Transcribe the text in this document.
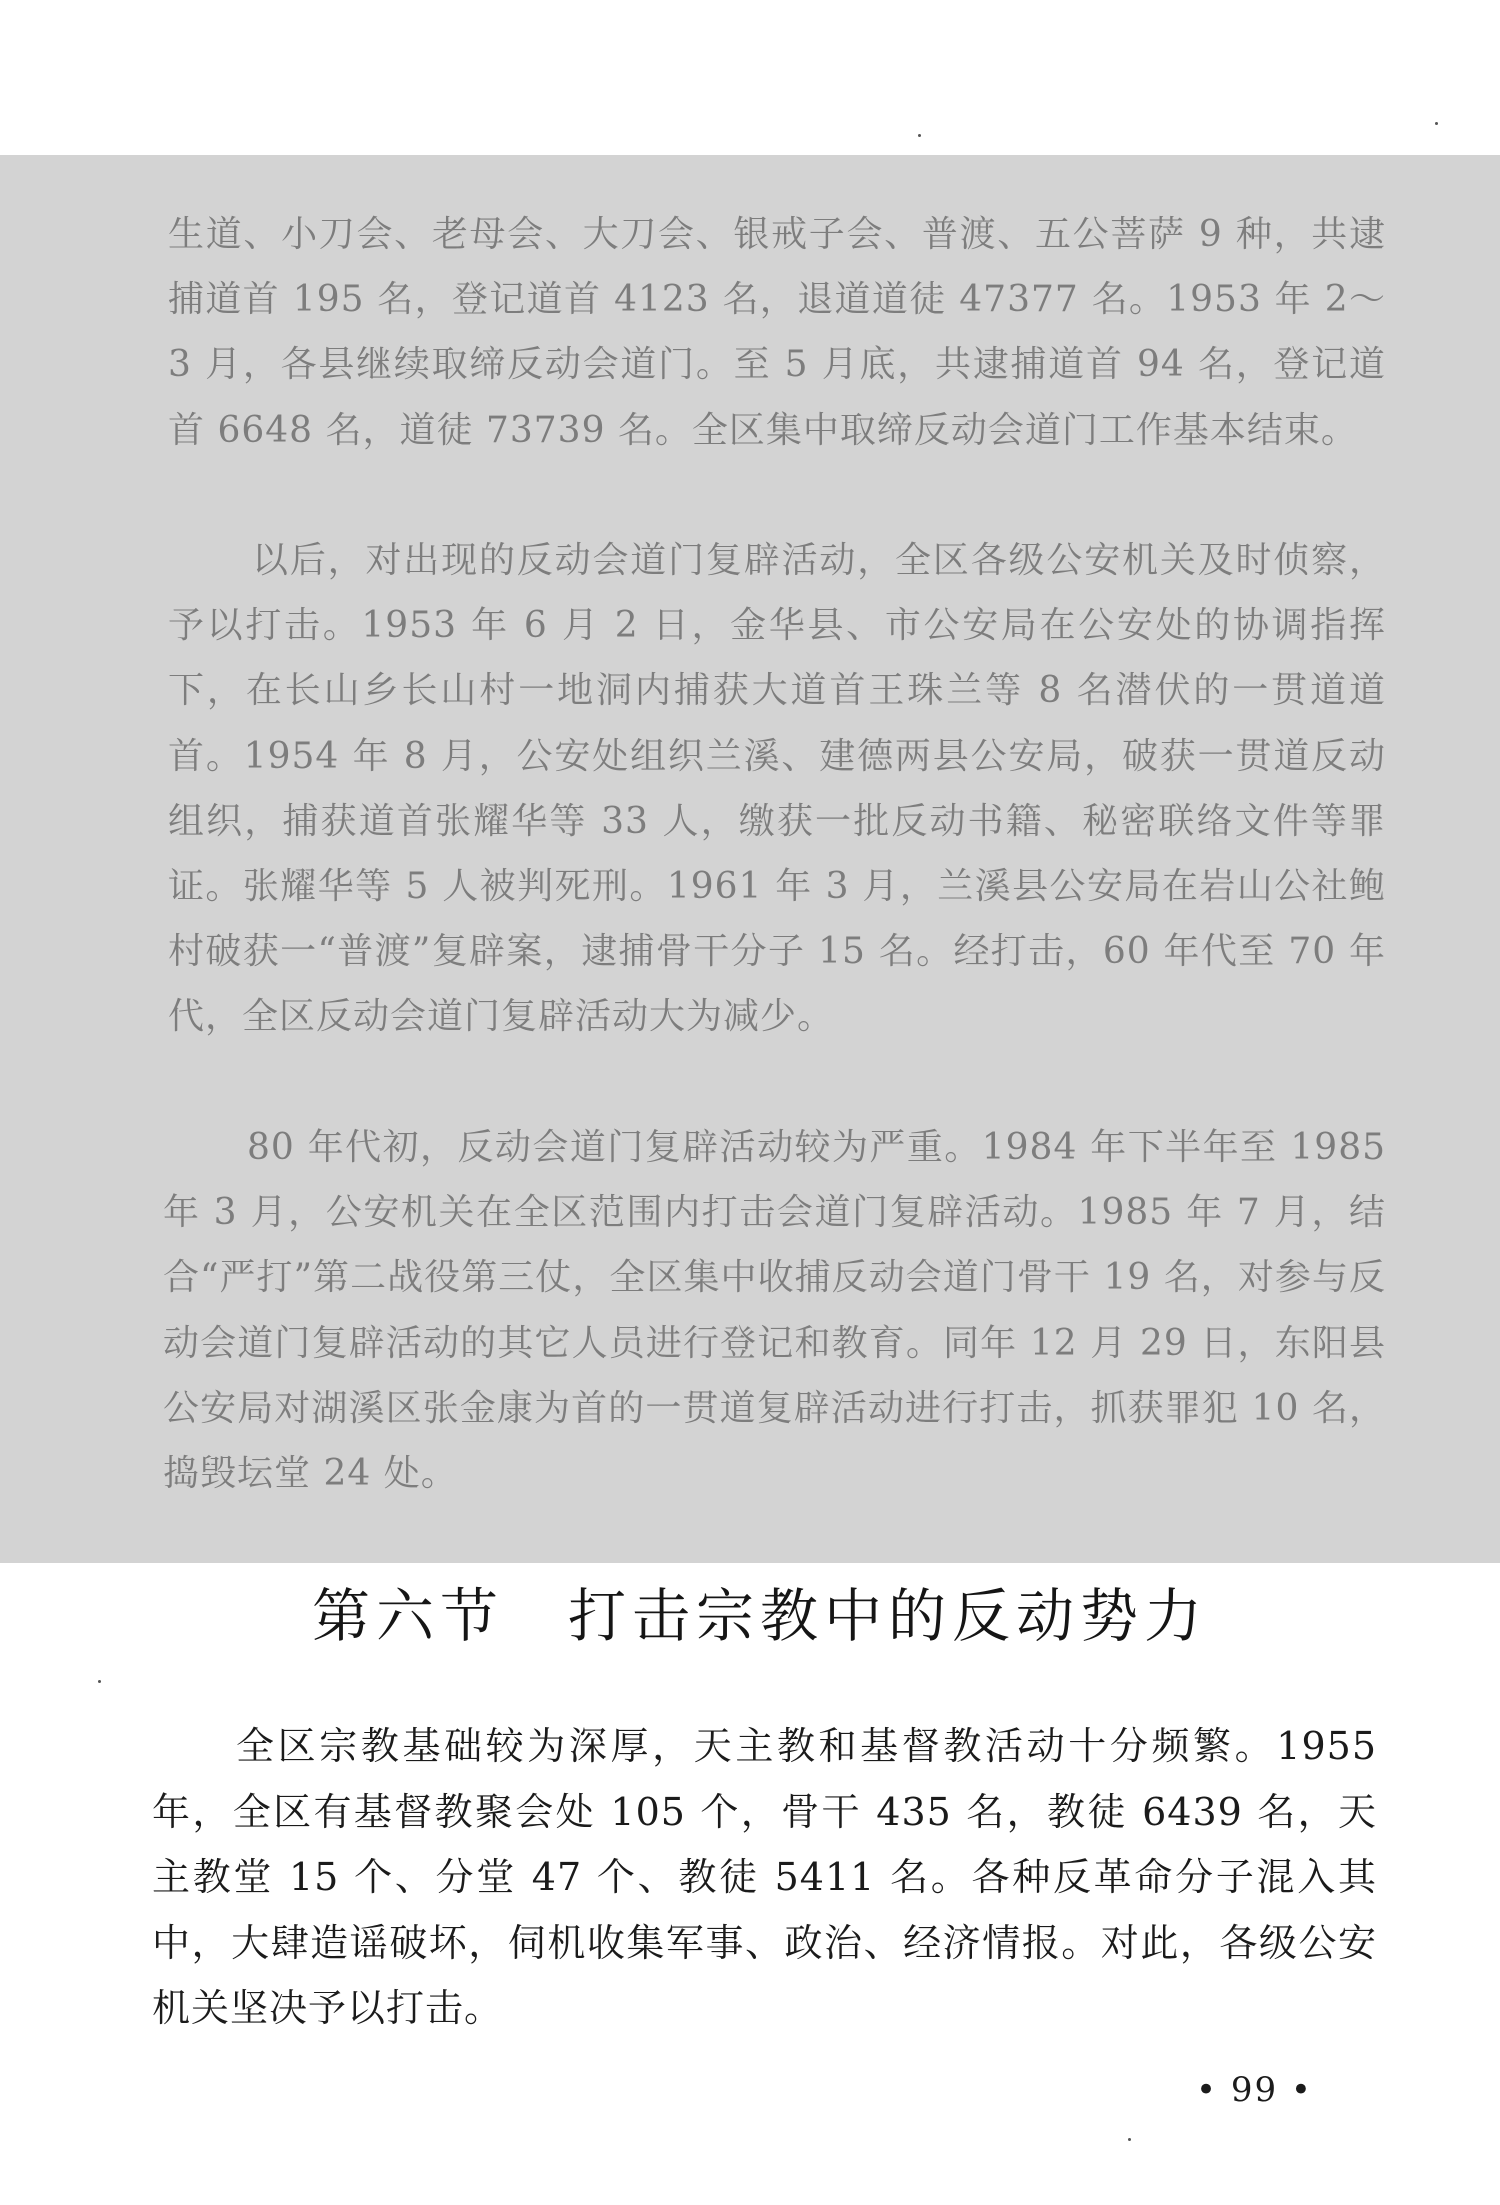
生道、小刀会、老母会、大刀会、银戒子会、普渡、五公菩萨 9 种，共逮捕道首 195 名，登记道首 4123 名，退道道徒 47377 名。1953 年 2～3 月，各县继续取缔反动会道门。至 5 月底，共逮捕道首 94 名，登记道首 6648 名，道徒 73739 名。全区集中取缔反动会道门工作基本结束。

以后，对出现的反动会道门复辟活动，全区各级公安机关及时侦察，予以打击。1953 年 6 月 2 日，金华县、市公安局在公安处的协调指挥下，在长山乡长山村一地洞内捕获大道首王珠兰等 8 名潜伏的一贯道道首。1954 年 8 月，公安处组织兰溪、建德两县公安局，破获一贯道反动组织，捕获道首张耀华等 33 人，缴获一批反动书籍、秘密联络文件等罪证。张耀华等 5 人被判死刑。1961 年 3 月，兰溪县公安局在岩山公社鲍村破获一“普渡”复辟案，逮捕骨干分子 15 名。经打击，60 年代至 70 年代，全区反动会道门复辟活动大为减少。

80 年代初，反动会道门复辟活动较为严重。1984 年下半年至 1985 年 3 月，公安机关在全区范围内打击会道门复辟活动。1985 年 7 月，结合“严打”第二战役第三仗，全区集中收捕反动会道门骨干 19 名，对参与反动会道门复辟活动的其它人员进行登记和教育。同年 12 月 29 日，东阳县公安局对湖溪区张金康为首的一贯道复辟活动进行打击，抓获罪犯 10 名，捣毁坛堂 24 处。

第六节　打击宗教中的反动势力

全区宗教基础较为深厚，天主教和基督教活动十分频繁。1955 年，全区有基督教聚会处 105 个，骨干 435 名，教徒 6439 名，天主教堂 15 个、分堂 47 个、教徒 5411 名。各种反革命分子混入其中，大肆造谣破坏，伺机收集军事、政治、经济情报。对此，各级公安机关坚决予以打击。

• 99 •
